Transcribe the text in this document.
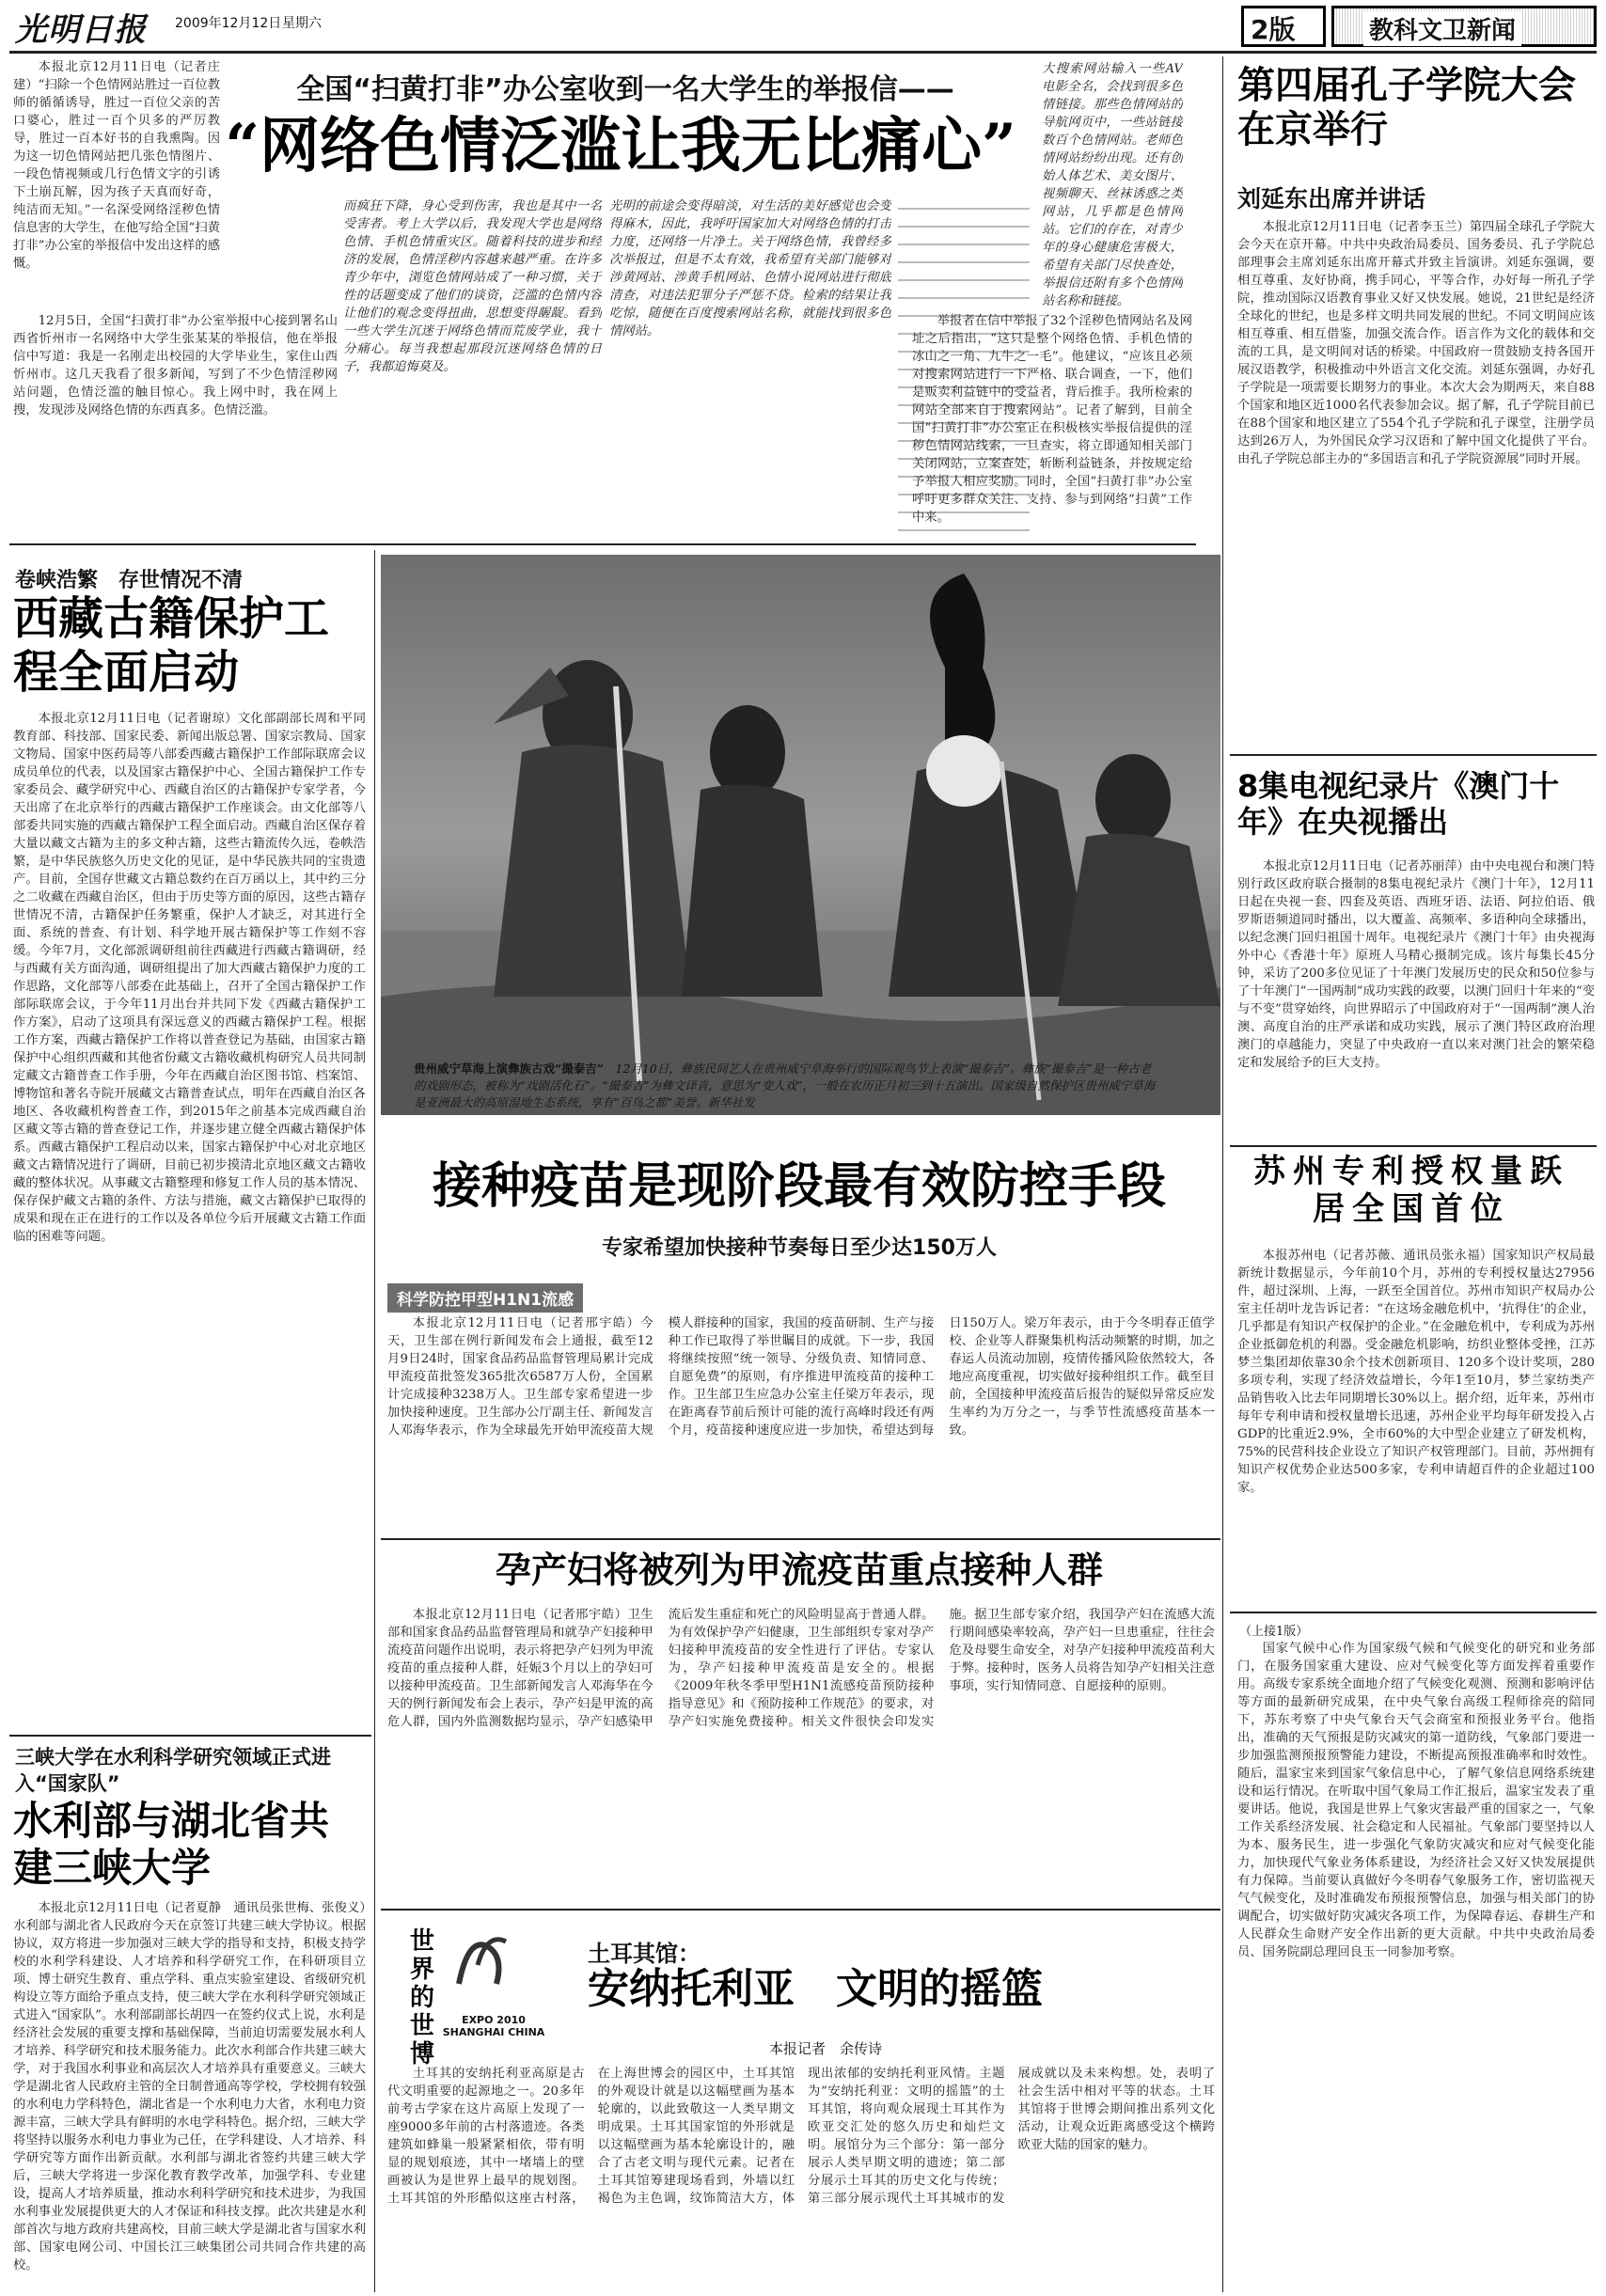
光明日报 2009年12月12日 星期六	2版	教科文卫新闻
本报北京12月11日电（记者庄建）“扫除一个色情网站胜过一百位教师的循循诱导，胜过一百位父亲的苦口婆心，胜过一百个贝多的严厉教导，胜过一百本好书的自我熏陶。因为这一切色情网站把几张色情图片、一段色情视频或几行色情文字的引诱下土崩瓦解，因为孩子天真而好奇，纯洁而无知。”一名深受网络淫秽色情信息害的大学生，在他写给全国“扫黄打非”办公室的举报信中发出这样的感慨。
全国“扫黄打非”办公室收到一名大学生的举报信——
“网络色情泛滥让我无比痛心”
12月5日，全国“扫黄打非”办公室举报中心接到署名山西省忻州市一名网络中大学生张某某的举报信，他在举报信中写道：我是一名刚走出校园的大学毕业生，家住山西忻州市。这几天我看了很多新闻，写到了不少色情淫秽网站问题，色情泛滥的触目惊心。我上网中时，我在网上搜，发现涉及网络色情的东西真多。色情泛滥。
而疯狂下降，身心受到伤害，我也是其中一名受害者。考上大学以后，我发现大学也是网络色情、手机色情重灾区。随着科技的进步和经济的发展，色情淫秽内容越来越严重。在许多青少年中，浏览色情网站成了一种习惯，关于性的话题变成了他们的谈资，泛滥的色情内容让他们的观念变得扭曲，思想变得龌龊。看到一些大学生沉迷于网络色情而荒废学业，我十分痛心。每当我想起那段沉迷网络色情的日子，我都追悔莫及。
光明的前途会变得暗淡，对生活的美好感觉也会变得麻木，因此，我呼吁国家加大对网络色情的打击力度，还网络一片净土。关于网络色情，我曾经多次举报过，但是不太有效，我希望有关部门能够对涉黄网站、涉黄手机网站、色情小说网站进行彻底清查，对违法犯罪分子严惩不贷。检索的结果让我吃惊，随便在百度搜索网站名称，就能找到很多色情网站。
大搜索网站输入一些AV电影全名，会找到很多色情链接。那些色情网站的导航网页中，一些站链接数百个色情网站。老师色情网站纷纷出现。还有创始人体艺术、美女图片、视频聊天、丝袜诱惑之类网站，几乎都是色情网站。它们的存在，对青少年的身心健康危害极大，希望有关部门尽快查处，举报信还附有多个色情网站名称和链接。
举报者在信中举报了32个淫秽色情网站名及网址之后指出，“这只是整个网络色情、手机色情的冰山之一角、九牛之一毛”。他建议，“应该且必须对搜索网站进行一下严格、联合调查，一下，他们是贩卖利益链中的受益者，背后推手。我所检索的网站全部来自于搜索网站”。记者了解到，目前全国“扫黄打非”办公室正在积极核实举报信提供的淫秽色情网站线索，一旦查实，将立即通知相关部门关闭网站，立案查处，斩断利益链条，并按规定给予举报人相应奖励。同时，全国“扫黄打非”办公室呼吁更多群众关注、支持、参与到网络“扫黄”工作中来。
第四届孔子学院大会在京举行
刘延东出席并讲话
本报北京12月11日电（记者李玉兰）第四届全球孔子学院大会今天在京开幕。中共中央政治局委员、国务委员、孔子学院总部理事会主席刘延东出席开幕式并致主旨演讲。刘延东强调，要相互尊重、友好协商，携手同心，平等合作，办好每一所孔子学院，推动国际汉语教育事业又好又快发展。她说，21世纪是经济全球化的世纪，也是多样文明共同发展的世纪。不同文明间应该相互尊重、相互借鉴，加强交流合作。语言作为文化的载体和交流的工具，是文明间对话的桥梁。中国政府一贯鼓励支持各国开展汉语教学，积极推动中外语言文化交流。刘延东强调，办好孔子学院是一项需要长期努力的事业。本次大会为期两天，来自88个国家和地区近1000名代表参加会议。据了解，孔子学院目前已在88个国家和地区建立了554个孔子学院和孔子课堂，注册学员达到26万人，为外国民众学习汉语和了解中国文化提供了平台。由孔子学院总部主办的“多国语言和孔子学院资源展”同时开展。
8集电视纪录片《澳门十年》在央视播出
本报北京12月11日电（记者苏丽萍）由中央电视台和澳门特别行政区政府联合摄制的8集电视纪录片《澳门十年》，12月11日起在央视一套、四套及英语、西班牙语、法语、阿拉伯语、俄罗斯语频道同时播出，以大覆盖、高频率、多语种向全球播出，以纪念澳门回归祖国十周年。电视纪录片《澳门十年》由央视海外中心《香港十年》原班人马精心摄制完成。该片每集长45分钟，采访了200多位见证了十年澳门发展历史的民众和50位参与了十年澳门“一国两制”成功实践的政要，以澳门回归十年来的“变与不变”贯穿始终，向世界昭示了中国政府对于“一国两制”澳人治澳、高度自治的庄严承诺和成功实践，展示了澳门特区政府治理澳门的卓越能力，突显了中央政府一直以来对澳门社会的繁荣稳定和发展给予的巨大支持。
苏州专利授权量跃居全国首位
本报苏州电（记者苏薇、通讯员张永福）国家知识产权局最新统计数据显示，今年前10个月，苏州的专利授权量达27956件，超过深圳、上海，一跃至全国首位。苏州市知识产权局办公室主任胡叶龙告诉记者：“在这场金融危机中，‘抗得住’的企业，几乎都是有知识产权保护的企业。”在金融危机中，专利成为苏州企业抵御危机的利器。受金融危机影响，纺织业整体受挫，江苏梦兰集团却依靠30余个技术创新项目、120多个设计奖项，280多项专利，实现了经济效益增长，今年1至10月，梦兰家纺类产品销售收入比去年同期增长30%以上。据介绍，近年来，苏州市每年专利申请和授权量增长迅速，苏州企业平均每年研发投入占GDP的比重近2.9%，全市60%的大中型企业建立了研发机构，75%的民营科技企业设立了知识产权管理部门。目前，苏州拥有知识产权优势企业达500多家，专利申请超百件的企业超过100家。
（上接1版）
国家气候中心作为国家级气候和气候变化的研究和业务部门，在服务国家重大建设、应对气候变化等方面发挥着重要作用。高级专家系统全面地介绍了气候变化观测、预测和影响评估等方面的最新研究成果，在中央气象台高级工程师徐亮的陪同下，苏东考察了中央气象台天气会商室和预报业务平台。他指出，准确的天气预报是防灾减灾的第一道防线，气象部门要进一步加强监测预报预警能力建设，不断提高预报准确率和时效性。随后，温家宝来到国家气象信息中心，了解气象信息网络系统建设和运行情况。在听取中国气象局工作汇报后，温家宝发表了重要讲话。他说，我国是世界上气象灾害最严重的国家之一，气象工作关系经济发展、社会稳定和人民福祉。气象部门要坚持以人为本、服务民生，进一步强化气象防灾减灾和应对气候变化能力，加快现代气象业务体系建设，为经济社会又好又快发展提供有力保障。当前要认真做好今冬明春气象服务工作，密切监视天气气候变化，及时准确发布预报预警信息，加强与相关部门的协调配合，切实做好防灾减灾各项工作，为保障春运、春耕生产和人民群众生命财产安全作出新的更大贡献。中共中央政治局委员、国务院副总理回良玉一同参加考察。
卷峡浩繁　存世情况不清
西藏古籍保护工程全面启动
本报北京12月11日电（记者谢琼）文化部副部长周和平同教育部、科技部、国家民委、新闻出版总署、国家宗教局、国家文物局、国家中医药局等八部委西藏古籍保护工作部际联席会议成员单位的代表，以及国家古籍保护中心、全国古籍保护工作专家委员会、藏学研究中心、西藏自治区的古籍保护专家学者，今天出席了在北京举行的西藏古籍保护工作座谈会。由文化部等八部委共同实施的西藏古籍保护工程全面启动。西藏自治区保存着大量以藏文古籍为主的多文种古籍，这些古籍流传久远，卷帙浩繁，是中华民族悠久历史文化的见证，是中华民族共同的宝贵遗产。目前，全国存世藏文古籍总数约在百万函以上，其中约三分之二收藏在西藏自治区，但由于历史等方面的原因，这些古籍存世情况不清，古籍保护任务繁重，保护人才缺乏，对其进行全面、系统的普查、有计划、科学地开展古籍保护等工作刻不容缓。今年7月，文化部派调研组前往西藏进行西藏古籍调研，经与西藏有关方面沟通，调研组提出了加大西藏古籍保护力度的工作思路，文化部等八部委在此基础上，召开了全国古籍保护工作部际联席会议，于今年11月出台并共同下发《西藏古籍保护工作方案》，启动了这项具有深远意义的西藏古籍保护工程。根据工作方案，西藏古籍保护工作将以普查登记为基础，由国家古籍保护中心组织西藏和其他省份藏文古籍收藏机构研究人员共同制定藏文古籍普查工作手册，今年在西藏自治区图书馆、档案馆、博物馆和著名寺院开展藏文古籍普查试点，明年在西藏自治区各地区、各收藏机构普查工作，到2015年之前基本完成西藏自治区藏文等古籍的普查登记工作，并逐步建立健全西藏古籍保护体系。西藏古籍保护工程启动以来，国家古籍保护中心对北京地区藏文古籍情况进行了调研，目前已初步摸清北京地区藏文古籍收藏的整体状况。从事藏文古籍整理和修复工作人员的基本情况、保存保护藏文古籍的条件、方法与措施，藏文古籍保护已取得的成果和现在正在进行的工作以及各单位今后开展藏文古籍工作面临的困难等问题。
三峡大学在水利科学研究领域正式进入“国家队”
水利部与湖北省共建三峡大学
本报北京12月11日电（记者夏静　通讯员张世梅、张俊义）水利部与湖北省人民政府今天在京签订共建三峡大学协议。根据协议，双方将进一步加强对三峡大学的指导和支持，积极支持学校的水利学科建设、人才培养和科学研究工作，在科研项目立项、博士研究生教育、重点学科、重点实验室建设、省级研究机构设立等方面给予重点支持，使三峡大学在水利科学研究领域正式进入“国家队”。水利部副部长胡四一在签约仪式上说，水利是经济社会发展的重要支撑和基础保障，当前迫切需要发展水利人才培养、科学研究和技术服务能力。此次水利部合作共建三峡大学，对于我国水利事业和高层次人才培养具有重要意义。三峡大学是湖北省人民政府主管的全日制普通高等学校，学校拥有较强的水利电力学科特色，湖北省是一个水利电力大省，水利电力资源丰富，三峡大学具有鲜明的水电学科特色。据介绍，三峡大学将坚持以服务水利电力事业为己任，在学科建设、人才培养、科学研究等方面作出新贡献。水利部与湖北省签约共建三峡大学后，三峡大学将进一步深化教育教学改革，加强学科、专业建设，提高人才培养质量，推动水利科学研究和技术进步，为我国水利事业发展提供更大的人才保证和科技支撑。此次共建是水利部首次与地方政府共建高校，目前三峡大学是湖北省与国家水利部、国家电网公司、中国长江三峡集团公司共同合作共建的高校。
贵州威宁草海上演彝族古戏“撮泰吉”　 12月10日，彝族民间艺人在贵州威宁草海举行的国际观鸟节上表演“撮泰吉”。彝族“撮泰吉”是一种古老的戏剧形态，被称为“戏剧活化石”。“撮泰吉”为彝文译音，意思为“变人戏”，一般在农历正月初三到十五演出。国家级自然保护区贵州威宁草海是亚洲最大的高原湿地生态系统，享有“百鸟之都”美誉。新华社发
接种疫苗是现阶段最有效防控手段
专家希望加快接种节奏每日至少达150万人
科学防控甲型H1N1流感
本报北京12月11日电（记者邢宇皓）今天，卫生部在例行新闻发布会上通报，截至12月9日24时，国家食品药品监督管理局累计完成甲流疫苗批签发365批次6587万人份，全国累计完成接种3238万人。卫生部专家希望进一步加快接种速度。卫生部办公厅副主任、新闻发言人邓海华表示，作为全球最先开始甲流疫苗大规模人群接种的国家，我国的疫苗研制、生产与接种工作已取得了举世瞩目的成就。下一步，我国将继续按照“统一领导、分级负责、知情同意、自愿免费”的原则，有序推进甲流疫苗的接种工作。卫生部卫生应急办公室主任梁万年表示，现在距离春节前后预计可能的流行高峰时段还有两个月，疫苗接种速度应进一步加快，希望达到每日150万人。梁万年表示，由于今冬明春正值学校、企业等人群聚集机构活动频繁的时期，加之春运人员流动加剧，疫情传播风险依然较大，各地应高度重视，切实做好接种组织工作。截至目前，全国接种甲流疫苗后报告的疑似异常反应发生率约为万分之一，与季节性流感疫苗基本一致。
孕产妇将被列为甲流疫苗重点接种人群
本报北京12月11日电（记者邢宇皓）卫生部和国家食品药品监督管理局和就孕产妇接种甲流疫苗问题作出说明，表示将把孕产妇列为甲流疫苗的重点接种人群，妊娠3个月以上的孕妇可以接种甲流疫苗。卫生部新闻发言人邓海华在今天的例行新闻发布会上表示，孕产妇是甲流的高危人群，国内外监测数据均显示，孕产妇感染甲流后发生重症和死亡的风险明显高于普通人群。为有效保护孕产妇健康，卫生部组织专家对孕产妇接种甲流疫苗的安全性进行了评估。专家认为，孕产妇接种甲流疫苗是安全的。根据《2009年秋冬季甲型H1N1流感疫苗预防接种指导意见》和《预防接种工作规范》的要求，对孕产妇实施免费接种。相关文件很快会印发实施。据卫生部专家介绍，我国孕产妇在流感大流行期间感染率较高，孕产妇一旦患重症，往往会危及母婴生命安全，对孕产妇接种甲流疫苗利大于弊。接种时，医务人员将告知孕产妇相关注意事项，实行知情同意、自愿接种的原则。
世界的世博
EXPO 2010 SHANGHAI CHINA
土耳其馆：
安纳托利亚　文明的摇篮
本报记者　余传诗
土耳其的安纳托利亚高原是古代文明重要的起源地之一。20多年前考古学家在这片高原上发现了一座9000多年前的古村落遗迹。各类建筑如蜂巢一般紧紧相依，带有明显的规划痕迹，其中一堵墙上的壁画被认为是世界上最早的规划图。土耳其馆的外形酷似这座古村落，在上海世博会的园区中，土耳其馆的外观设计就是以这幅壁画为基本轮廓的，以此致敬这一人类早期文明成果。土耳其国家馆的外形就是以这幅壁画为基本轮廓设计的，融合了古老文明与现代元素。记者在土耳其馆筹建现场看到，外墙以红褐色为主色调，纹饰简洁大方，体现出浓郁的安纳托利亚风情。主题为“安纳托利亚：文明的摇篮”的土耳其馆，将向观众展现土耳其作为欧亚交汇处的悠久历史和灿烂文明。展馆分为三个部分：第一部分展示人类早期文明的遗迹；第二部分展示土耳其的历史文化与传统；第三部分展示现代土耳其城市的发展成就以及未来构想。处，表明了社会生活中相对平等的状态。土耳其馆将于世博会期间推出系列文化活动，让观众近距离感受这个横跨欧亚大陆的国家的魅力。
